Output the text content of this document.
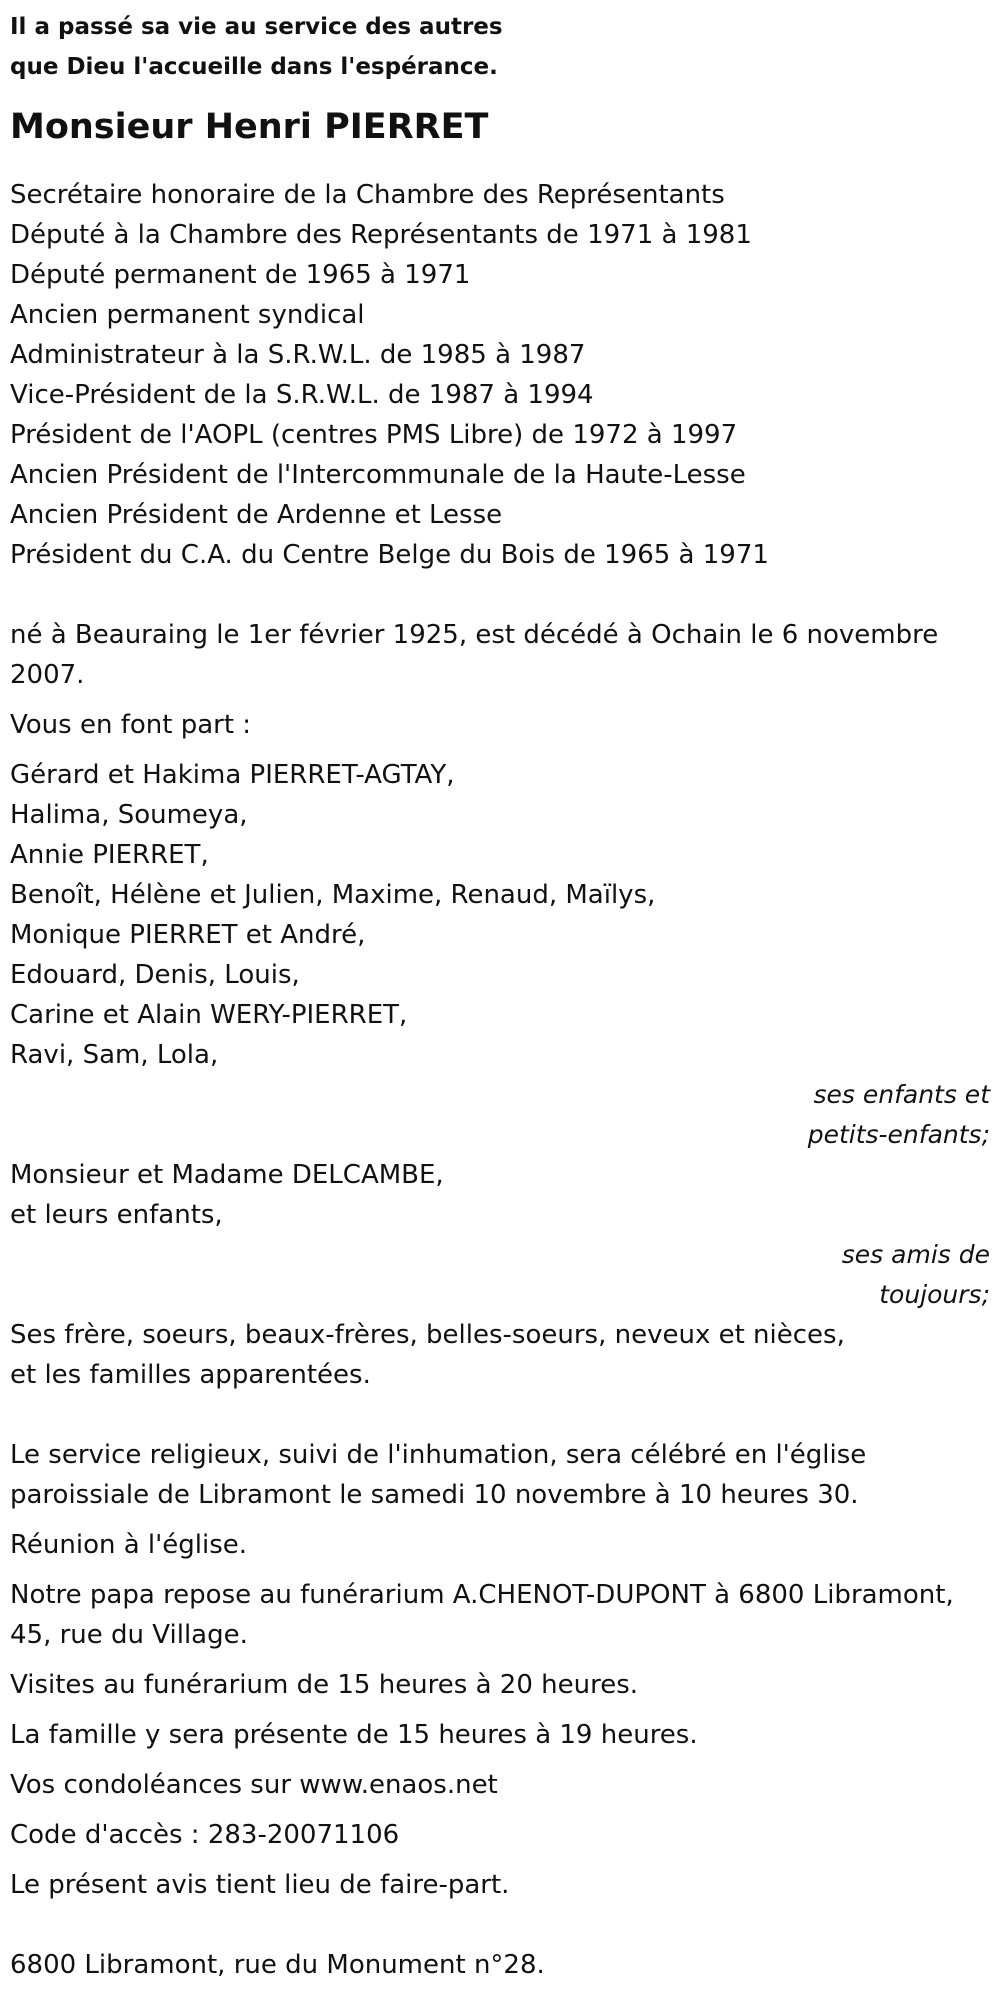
Il a passé sa vie au service des autres
que Dieu l'accueille dans l'espérance.
Monsieur Henri PIERRET
Secrétaire honoraire de la Chambre des Représentants
Député à la Chambre des Représentants de 1971 à 1981
Député permanent de 1965 à 1971
Ancien permanent syndical
Administrateur à la S.R.W.L. de 1985 à 1987
Vice-Président de la S.R.W.L. de 1987 à 1994
Président de l'AOPL (centres PMS Libre) de 1972 à 1997
Ancien Président de l'Intercommunale de la Haute-Lesse
Ancien Président de Ardenne et Lesse
Président du C.A. du Centre Belge du Bois de 1965 à 1971
né à Beauraing le 1er février 1925, est décédé à Ochain le 6 novembre
2007.

Vous en font part :

Gérard et Hakima PIERRET-AGTAY,
Halima, Soumeya,
Annie PIERRET,
Benoît, Hélène et Julien, Maxime, Renaud, Maïlys,
Monique PIERRET et André,
Edouard, Denis, Louis,
Carine et Alain WERY-PIERRET,
Ravi, Sam, Lola,
ses enfants et
petits-enfants;
Monsieur et Madame DELCAMBE,
et leurs enfants,
ses amis de
toujours;
Ses frère, soeurs, beaux-frères, belles-soeurs, neveux et nièces,
et les familles apparentées.
Le service religieux, suivi de l'inhumation, sera célébré en l'église
paroissiale de Libramont le samedi 10 novembre à 10 heures 30.

Réunion à l'église.

Notre papa repose au funérarium A.CHENOT-DUPONT à 6800 Libramont,
45, rue du Village.

Visites au funérarium de 15 heures à 20 heures.

La famille y sera présente de 15 heures à 19 heures.

Vos condoléances sur www.enaos.net

Code d'accès : 283-20071106

Le présent avis tient lieu de faire-part.

6800 Libramont, rue du Monument n°28.
